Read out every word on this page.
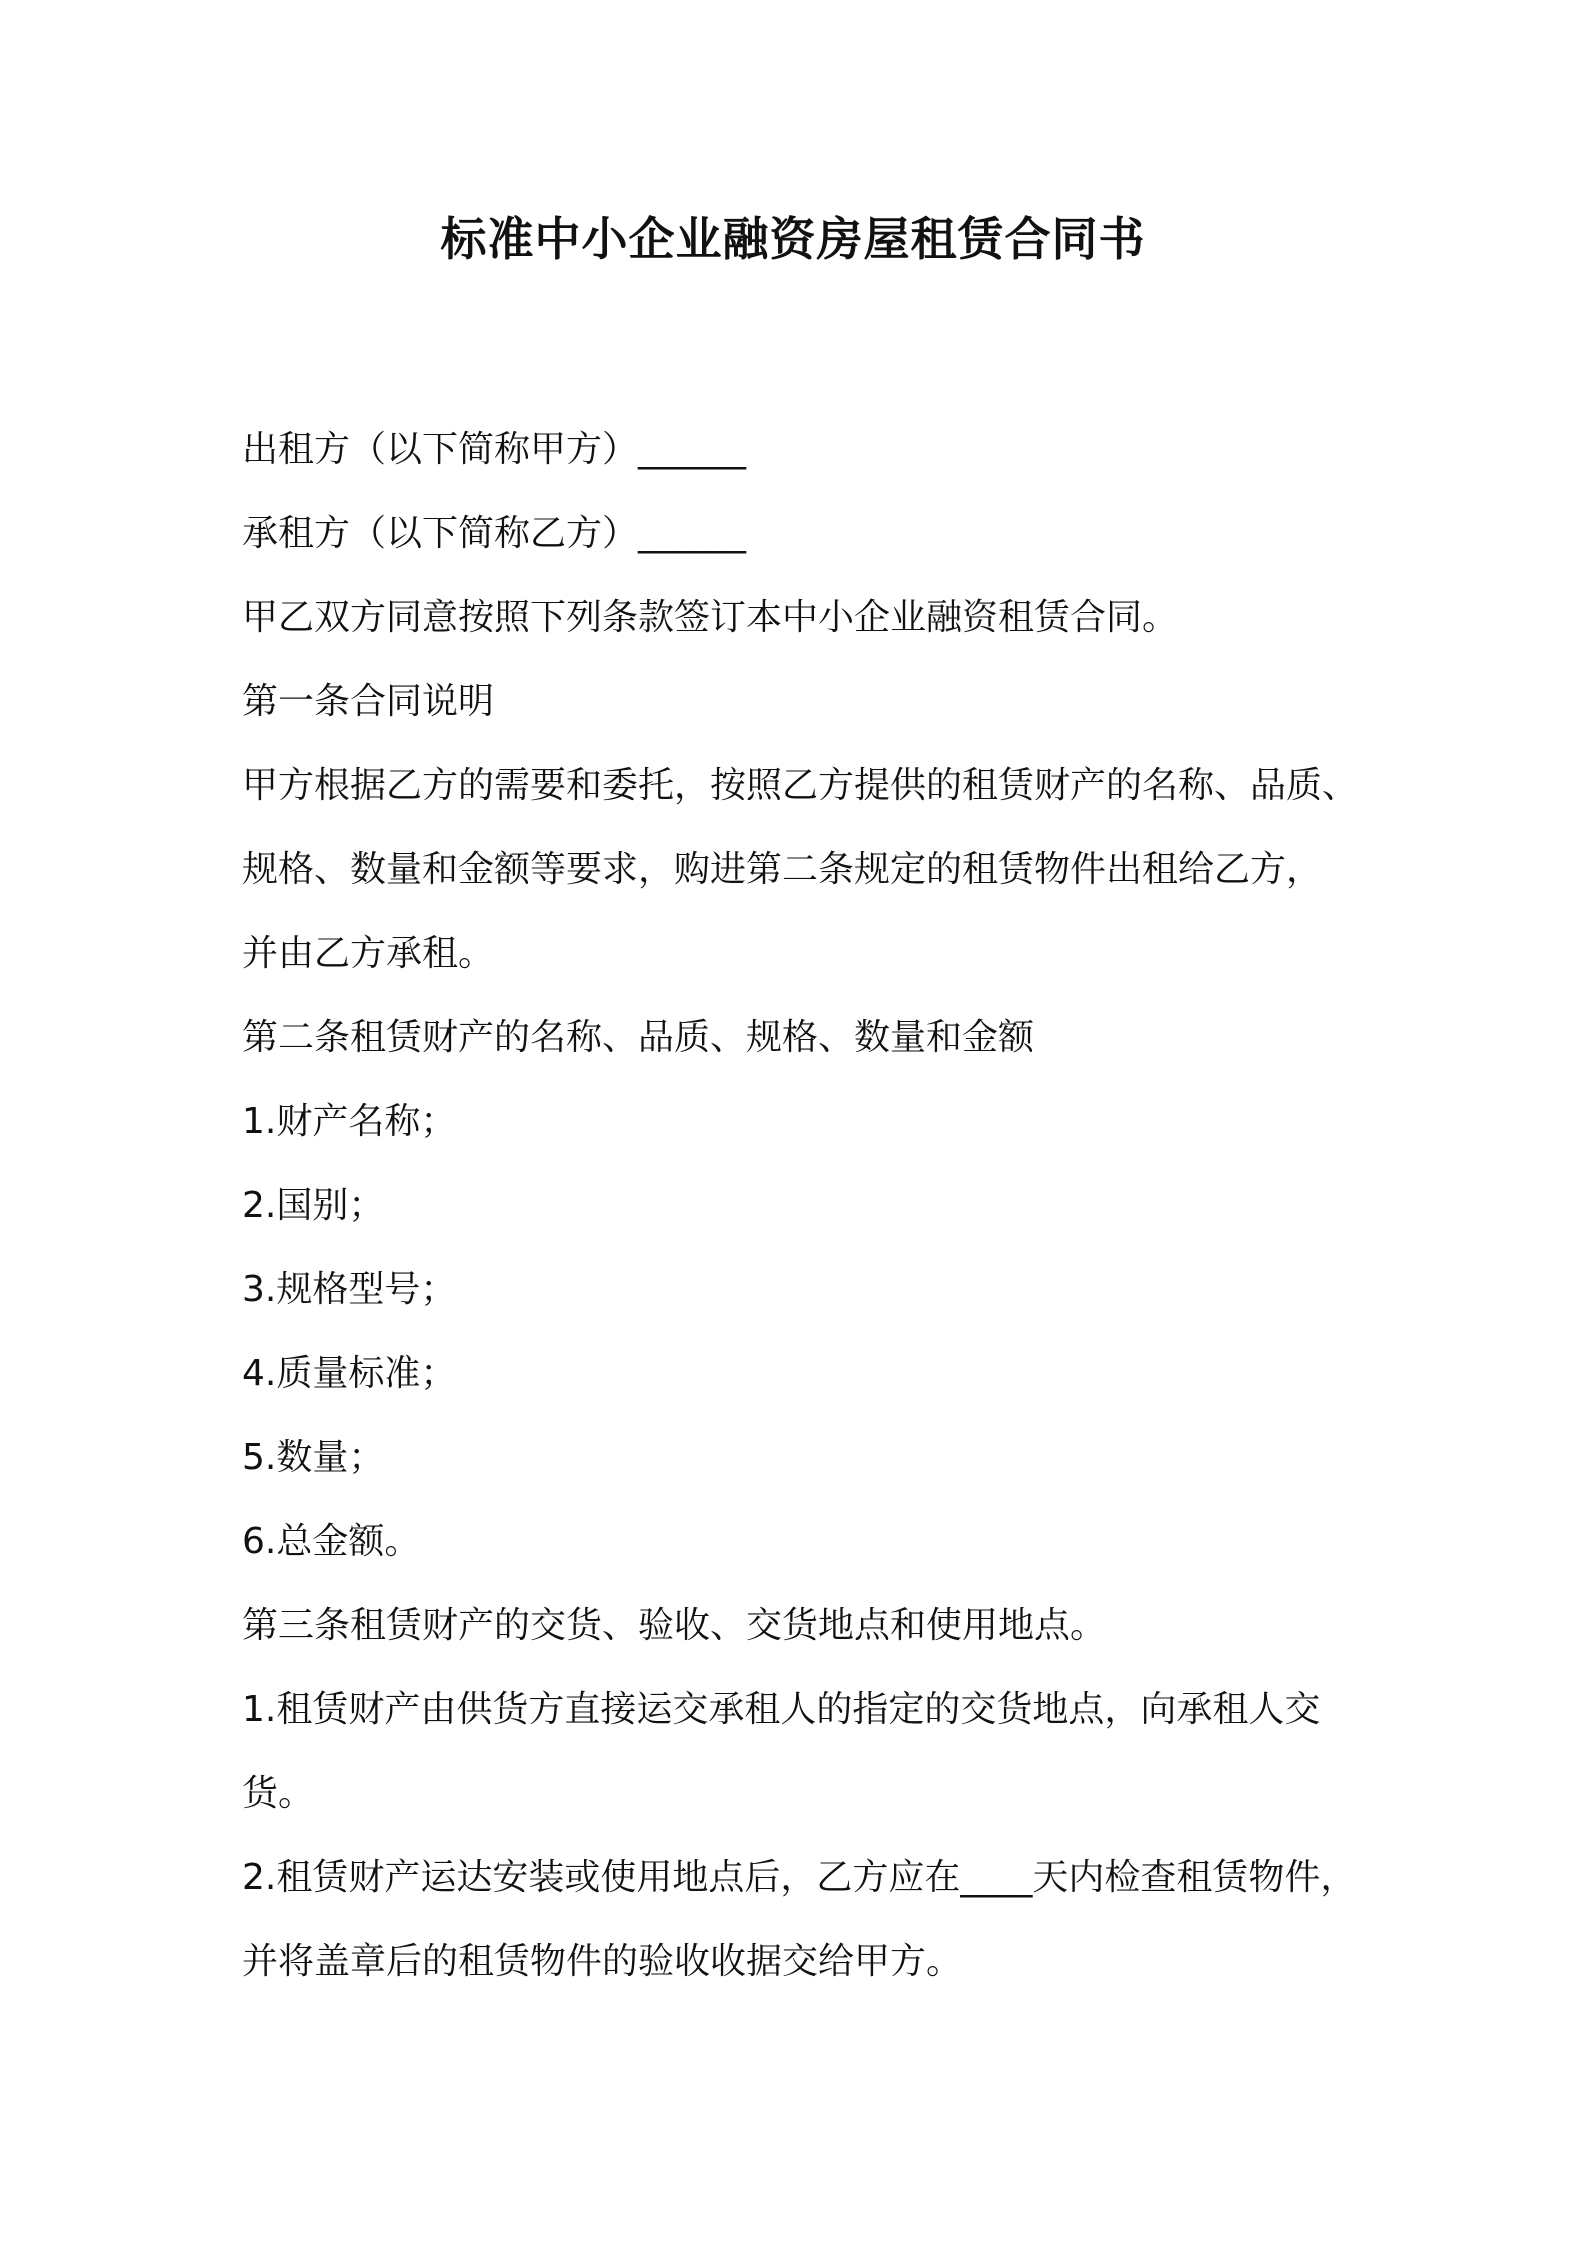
标准中小企业融资房屋租赁合同书

出租方（以下简称甲方）______

承租方（以下简称乙方）______

甲乙双方同意按照下列条款签订本中小企业融资租赁合同。

第一条合同说明

甲方根据乙方的需要和委托，按照乙方提供的租赁财产的名称、品质、

规格、数量和金额等要求，购进第二条规定的租赁物件出租给乙方，

并由乙方承租。

第二条租赁财产的名称、品质、规格、数量和金额

1.财产名称；

2.国别；

3.规格型号；

4.质量标准；

5.数量；

6.总金额。

第三条租赁财产的交货、验收、交货地点和使用地点。

1.租赁财产由供货方直接运交承租人的指定的交货地点，向承租人交

货。

2.租赁财产运达安装或使用地点后，乙方应在____天内检查租赁物件，

并将盖章后的租赁物件的验收收据交给甲方。
